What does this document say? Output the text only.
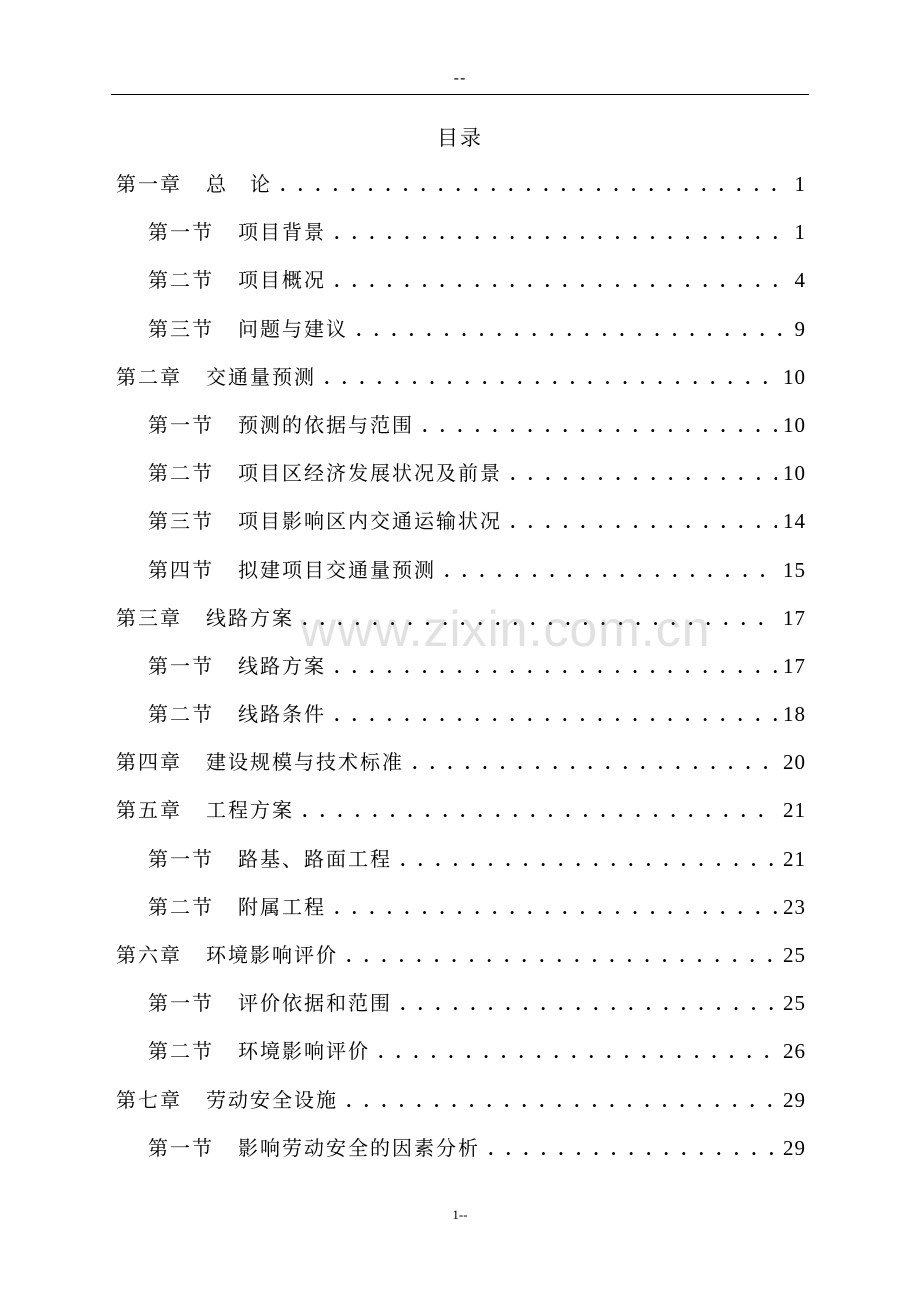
--
目录
第一章 总　论 . . .	1
第一节 项目背景 . . .	1
第二节 项目概况 . . .	4
第三节 问题与建议 . . .	9
第二章 交通量预测 . . .	10
第一节 预测的依据与范围 . . .	10
第二节 项目区经济发展状况及前景 . . .	10
第三节 项目影响区内交通运输状况 . . .	14
第四节 拟建项目交通量预测 . . .	15
第三章 线路方案 . . .	17
第一节 线路方案 . . .	17
第二节 线路条件 . . .	18
第四章 建设规模与技术标准 . . .	20
第五章 工程方案 . . .	21
第一节 路基、路面工程 . . .	21
第二节 附属工程 . . .	23
第六章 环境影响评价 . . .	25
第一节 评价依据和范围 . . .	25
第二节 环境影响评价 . . .	26
第七章 劳动安全设施 . . .	29
第一节 影响劳动安全的因素分析 . . .	29
www.zixin.com.cn
1--
